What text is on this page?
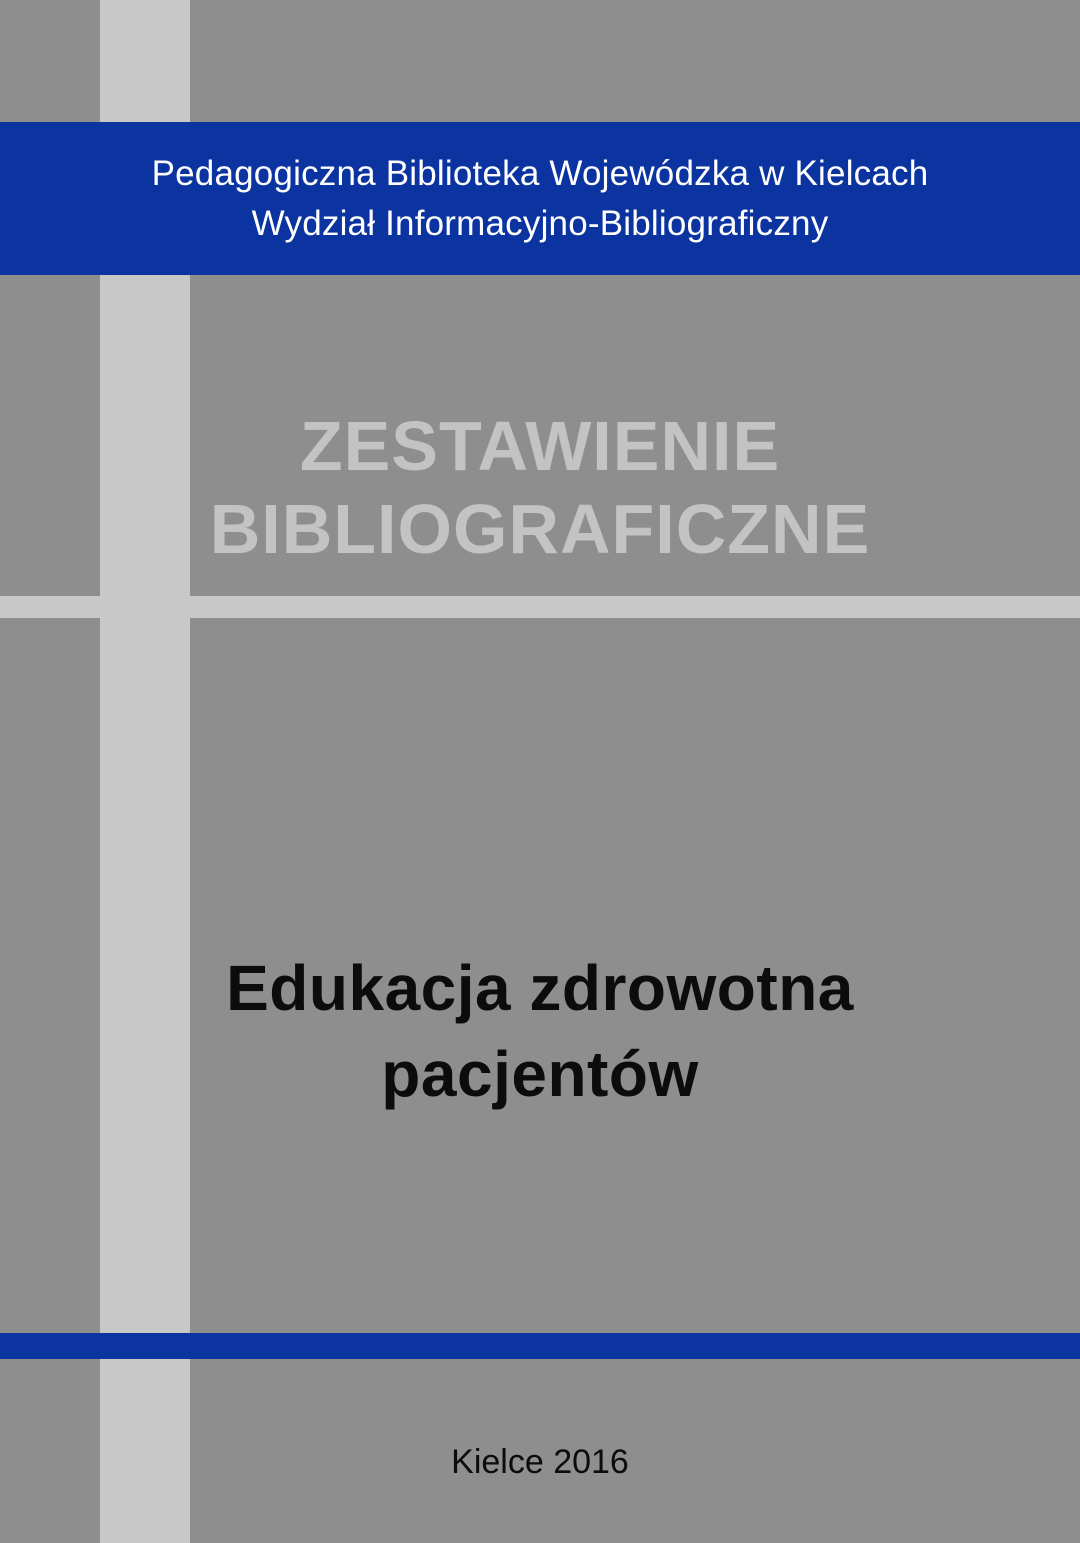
Pedagogiczna Biblioteka Wojewódzka w Kielcach
Wydział Informacyjno-Bibliograficzny
ZESTAWIENIE
BIBLIOGRAFICZNE
Edukacja zdrowotna
pacjentów
Kielce 2016
